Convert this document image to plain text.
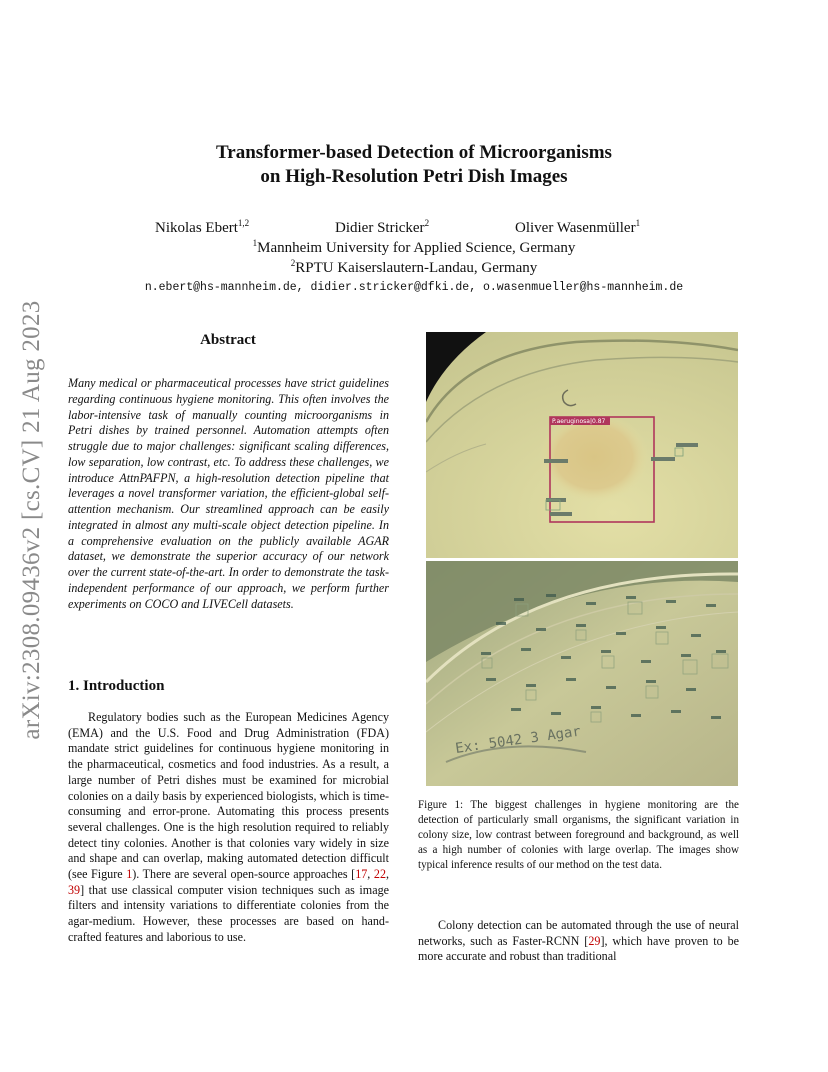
arXiv:2308.09436v2 [cs.CV] 21 Aug 2023
Transformer-based Detection of Microorganisms
on High-Resolution Petri Dish Images
Nikolas Ebert$^{1,2}$	Didier Stricker$^2$	Oliver Wasenmüller$^1$
$^1$Mannheim University for Applied Science, Germany
$^2$RPTU Kaiserslautern-Landau, Germany
n.ebert@hs-mannheim.de, didier.stricker@dfki.de, o.wasenmueller@hs-mannheim.de
Abstract
Many medical or pharmaceutical processes have strict guidelines regarding continuous hygiene monitoring. This often involves the labor-intensive task of manually counting microorganisms in Petri dishes by trained personnel. Automation attempts often struggle due to major challenges: significant scaling differences, low separation, low contrast, etc. To address these challenges, we introduce AttnPAFPN, a high-resolution detection pipeline that leverages a novel transformer variation, the efficient-global self-attention mechanism. Our streamlined approach can be easily integrated in almost any multi-scale object detection pipeline. In a comprehensive evaluation on the publicly available AGAR dataset, we demonstrate the superior accuracy of our network over the current state-of-the-art. In order to demonstrate the task-independent performance of our approach, we perform further experiments on COCO and LIVECell datasets.
1. Introduction

Regulatory bodies such as the European Medicines Agency (EMA) and the U.S. Food and Drug Administration (FDA) mandate strict guidelines for continuous hygiene monitoring in the pharmaceutical, cosmetics and food industries. As a result, a large number of Petri dishes must be examined for microbial colonies on a daily basis by experienced biologists, which is time-consuming and error-prone. Automating this process presents several challenges. One is the high resolution required to reliably detect tiny colonies. Another is that colonies vary widely in size and shape and can overlap, making automated detection difficult (see Figure 1). There are several open-source approaches [17, 22, 39] that use classical computer vision techniques such as image filters and intensity variations to differentiate colonies from the agar-medium. However, these processes are based on hand-crafted features and laborious to use.

P.aeruginosa|0.87
Ex: 5042 3 Agar
Figure 1: The biggest challenges in hygiene monitoring are the detection of particularly small organisms, the significant variation in colony size, low contrast between foreground and background, as well as a high number of colonies with large overlap. The images show typical inference results of our method on the test data.

Colony detection can be automated through the use of neural networks, such as Faster-RCNN [29], which have proven to be more accurate and robust than traditional
